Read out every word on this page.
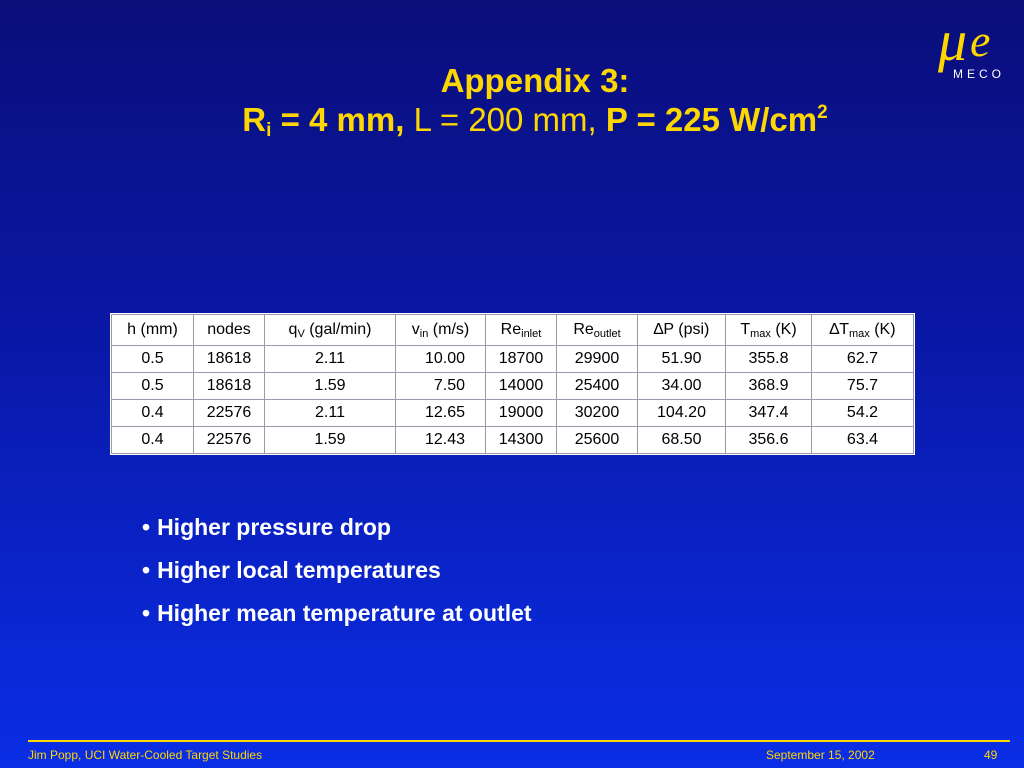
μ e
MECO
Appendix 3:
$R_i = 4$ mm, L = 200 mm, P = 225 $W/cm^2$
h (mm)	nodes	$q_V$ (gal/min)	$v_{in}$ (m/s)	$Re_{inlet}$	$Re_{outlet}$	∆P (psi)	$T_{max}$ (K)	$\Delta T_{max}$ (K)
0.5	18618	2.11	10.00	18700	29900	51.90	355.8	62.7
0.5	18618	1.59	7.50	14000	25400	34.00	368.9	75.7
0.4	22576	2.11	12.65	19000	30200	104.20	347.4	54.2
0.4	22576	1.59	12.43	14300	25600	68.50	356.6	63.4
• Higher pressure drop
• Higher local temperatures
• Higher mean temperature at outlet
Jim Popp, UCI Water-Cooled Target Studies	September 15, 2002	49
